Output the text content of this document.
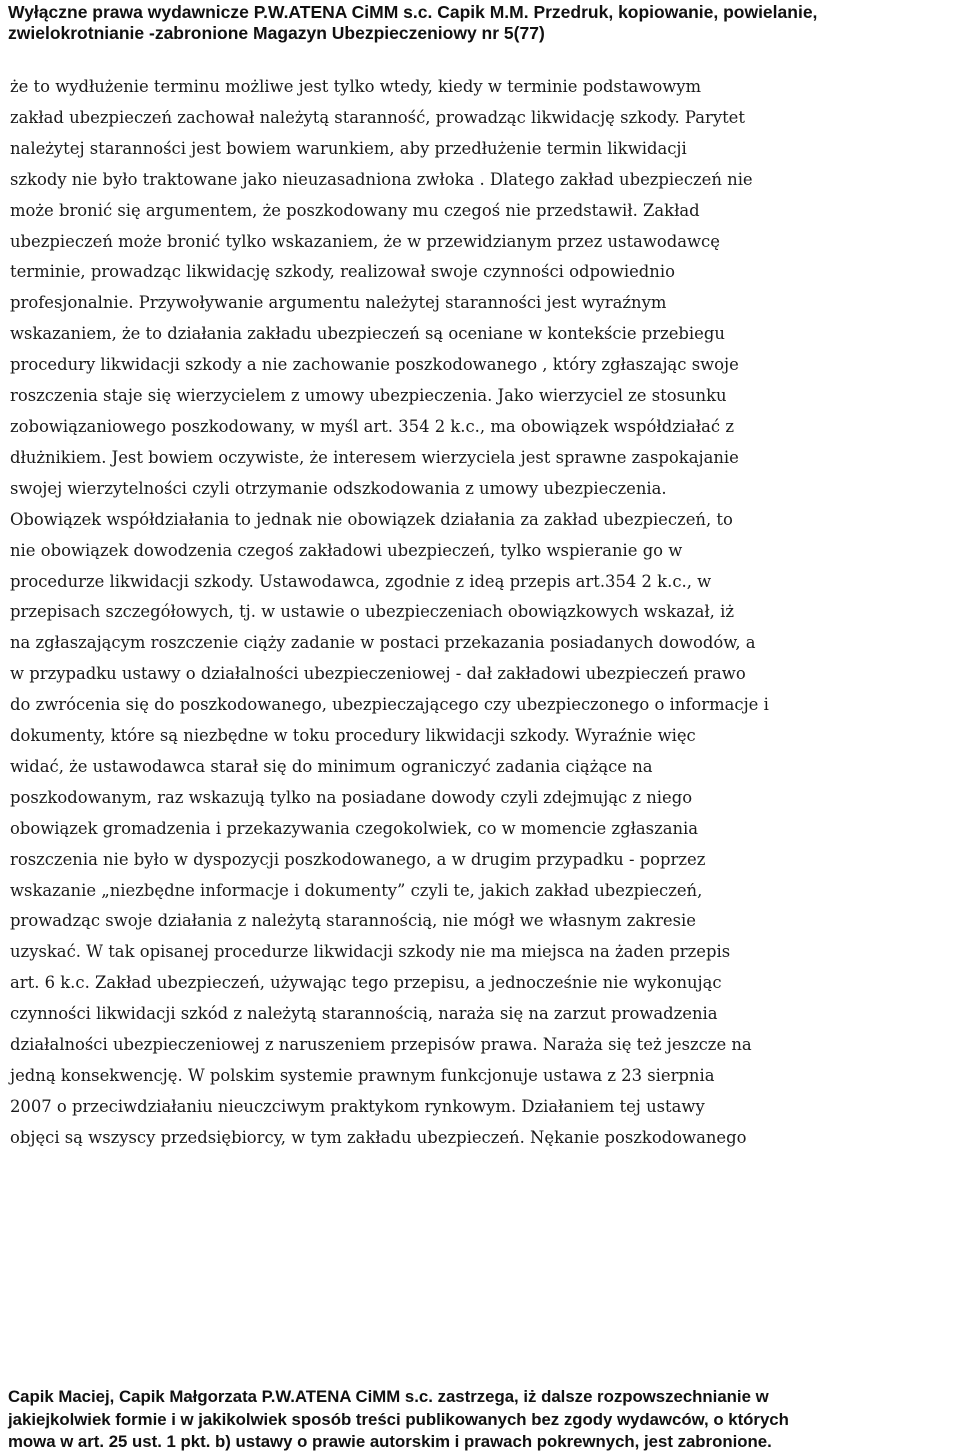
Wyłączne prawa wydawnicze P.W.ATENA CiMM s.c. Capik M.M. Przedruk, kopiowanie, powielanie,
zwielokrotnianie -zabronione Magazyn Ubezpieczeniowy nr 5(77)
że to wydłużenie terminu możliwe jest tylko wtedy, kiedy w terminie podstawowym
zakład ubezpieczeń zachował należytą staranność, prowadząc likwidację szkody. Parytet
należytej staranności jest bowiem warunkiem, aby przedłużenie termin likwidacji
szkody nie było traktowane jako nieuzasadniona zwłoka . Dlatego zakład ubezpieczeń nie
może bronić się argumentem, że poszkodowany mu czegoś nie przedstawił. Zakład
ubezpieczeń może bronić tylko wskazaniem, że w przewidzianym przez ustawodawcę
terminie, prowadząc likwidację szkody, realizował swoje czynności odpowiednio
profesjonalnie. Przywoływanie argumentu należytej staranności jest wyraźnym
wskazaniem, że to działania zakładu ubezpieczeń są oceniane w kontekście przebiegu
procedury likwidacji szkody a nie zachowanie poszkodowanego , który zgłaszając swoje
roszczenia staje się wierzycielem z umowy ubezpieczenia. Jako wierzyciel ze stosunku
zobowiązaniowego poszkodowany, w myśl art. 354 2 k.c., ma obowiązek współdziałać z
dłużnikiem. Jest bowiem oczywiste, że interesem wierzyciela jest sprawne zaspokajanie
swojej wierzytelności czyli otrzymanie odszkodowania z umowy ubezpieczenia.
Obowiązek współdziałania to jednak nie obowiązek działania za zakład ubezpieczeń, to
nie obowiązek dowodzenia czegoś zakładowi ubezpieczeń, tylko wspieranie go w
procedurze likwidacji szkody. Ustawodawca, zgodnie z ideą przepis art.354 2 k.c., w
przepisach szczegółowych, tj. w ustawie o ubezpieczeniach obowiązkowych wskazał, iż
na zgłaszającym roszczenie ciąży zadanie w postaci przekazania posiadanych dowodów, a
w przypadku ustawy o działalności ubezpieczeniowej - dał zakładowi ubezpieczeń prawo
do zwrócenia się do poszkodowanego, ubezpieczającego czy ubezpieczonego o informacje i
dokumenty, które są niezbędne w toku procedury likwidacji szkody. Wyraźnie więc
widać, że ustawodawca starał się do minimum ograniczyć zadania ciążące na
poszkodowanym, raz wskazują tylko na posiadane dowody czyli zdejmując z niego
obowiązek gromadzenia i przekazywania czegokolwiek, co w momencie zgłaszania
roszczenia nie było w dyspozycji poszkodowanego, a w drugim przypadku - poprzez
wskazanie „niezbędne informacje i dokumenty” czyli te, jakich zakład ubezpieczeń,
prowadząc swoje działania z należytą starannością, nie mógł we własnym zakresie
uzyskać. W tak opisanej procedurze likwidacji szkody nie ma miejsca na żaden przepis
art. 6 k.c. Zakład ubezpieczeń, używając tego przepisu, a jednocześnie nie wykonując
czynności likwidacji szkód z należytą starannością, naraża się na zarzut prowadzenia
działalności ubezpieczeniowej z naruszeniem przepisów prawa. Naraża się też jeszcze na
jedną konsekwencję. W polskim systemie prawnym funkcjonuje ustawa z 23 sierpnia
2007 o przeciwdziałaniu nieuczciwym praktykom rynkowym. Działaniem tej ustawy
objęci są wszyscy przedsiębiorcy, w tym zakładu ubezpieczeń. Nękanie poszkodowanego
Capik Maciej, Capik Małgorzata P.W.ATENA CiMM s.c. zastrzega, iż dalsze rozpowszechnianie w
jakiejkolwiek formie i w jakikolwiek sposób treści publikowanych bez zgody wydawców, o których
mowa w art. 25 ust. 1 pkt. b) ustawy o prawie autorskim i prawach pokrewnych, jest zabronione.
